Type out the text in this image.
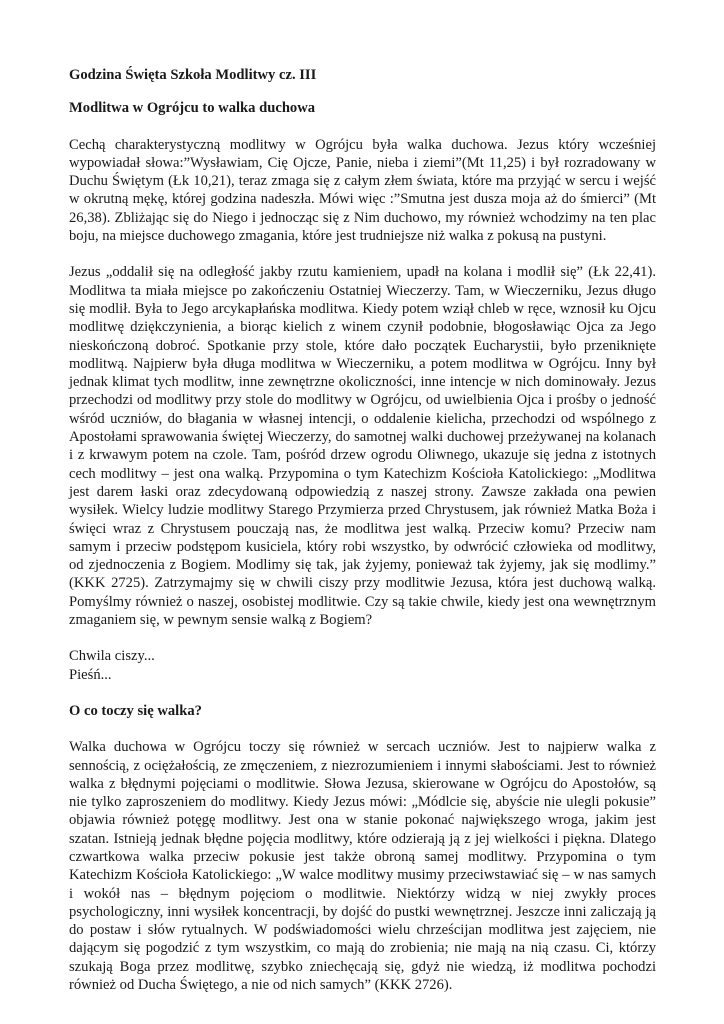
Godzina Święta Szkoła Modlitwy cz. III
Modlitwa w Ogrójcu to walka duchowa
Cechą charakterystyczną modlitwy w Ogrójcu była walka duchowa. Jezus który wcześniej wypowiadał słowa:”Wysławiam, Cię Ojcze, Panie, nieba i ziemi”(Mt 11,25) i był rozradowany w Duchu Świętym (Łk 10,21), teraz zmaga się z całym złem świata, które ma przyjąć w sercu i wejść w okrutną mękę, której godzina nadeszła. Mówi więc :”Smutna jest dusza moja aż do śmierci” (Mt 26,38). Zbliżając się do Niego i jednocząc się z Nim duchowo, my również wchodzimy na ten plac boju, na miejsce duchowego zmagania, które jest trudniejsze niż walka z pokusą na pustyni.
Jezus „oddalił się na odległość jakby rzutu kamieniem, upadł na kolana i modlił się” (Łk 22,41). Modlitwa ta miała miejsce po zakończeniu Ostatniej Wieczerzy. Tam, w Wieczerniku, Jezus długo się modlił. Była to Jego arcykapłańska modlitwa. Kiedy potem wziął chleb w ręce, wznosił ku Ojcu modlitwę dziękczynienia, a biorąc kielich z winem czynił podobnie, błogosławiąc Ojca za Jego nieskończoną dobroć. Spotkanie przy stole, które dało początek Eucharystii, było przeniknięte modlitwą. Najpierw była długa modlitwa w Wieczerniku, a potem modlitwa w Ogrójcu. Inny był jednak klimat tych modlitw, inne zewnętrzne okoliczności, inne intencje w nich dominowały. Jezus przechodzi od modlitwy przy stole do modlitwy w Ogrójcu, od uwielbienia Ojca i prośby o jedność wśród uczniów, do błagania w własnej intencji, o oddalenie kielicha, przechodzi od wspólnego z Apostołami sprawowania świętej Wieczerzy, do samotnej walki duchowej przeżywanej na kolanach i z krwawym potem na czole. Tam, pośród drzew ogrodu Oliwnego, ukazuje się jedna z istotnych cech modlitwy – jest ona walką. Przypomina o tym Katechizm Kościoła Katolickiego: „Modlitwa jest darem łaski oraz zdecydowaną odpowiedzią z naszej strony. Zawsze zakłada ona pewien wysiłek. Wielcy ludzie modlitwy Starego Przymierza przed Chrystusem, jak również Matka Boża i święci wraz z Chrystusem pouczają nas, że modlitwa jest walką. Przeciw komu? Przeciw nam samym i przeciw podstępom kusiciela, który robi wszystko, by odwrócić człowieka od modlitwy, od zjednoczenia z Bogiem. Modlimy się tak, jak żyjemy, ponieważ tak żyjemy, jak się modlimy.” (KKK 2725). Zatrzymajmy się w chwili ciszy przy modlitwie Jezusa, która jest duchową walką. Pomyślmy również o naszej, osobistej modlitwie. Czy są takie chwile, kiedy jest ona wewnętrznym zmaganiem się, w pewnym sensie walką z Bogiem?
Chwila ciszy...
Pieśń...
O co toczy się walka?
Walka duchowa w Ogrójcu toczy się również w sercach uczniów. Jest to najpierw walka z sennością, z ociężałością, ze zmęczeniem, z niezrozumieniem i innymi słabościami. Jest to również walka z błędnymi pojęciami o modlitwie. Słowa Jezusa, skierowane w Ogrójcu do Apostołów, są nie tylko zaproszeniem do modlitwy. Kiedy Jezus mówi: „Módlcie się, abyście nie ulegli pokusie” objawia również potęgę modlitwy. Jest ona w stanie pokonać największego wroga, jakim jest szatan. Istnieją jednak błędne pojęcia modlitwy, które odzierają ją z jej wielkości i piękna. Dlatego czwartkowa walka przeciw pokusie jest także obroną samej modlitwy. Przypomina o tym Katechizm Kościoła Katolickiego: „W walce modlitwy musimy przeciwstawiać się – w nas samych i wokół nas – błędnym pojęciom o modlitwie. Niektórzy widzą w niej zwykły proces psychologiczny, inni wysiłek koncentracji, by dojść do pustki wewnętrznej. Jeszcze inni zaliczają ją do postaw i słów rytualnych. W podświadomości wielu chrześcijan modlitwa jest zajęciem, nie dającym się pogodzić z tym wszystkim, co mają do zrobienia; nie mają na nią czasu. Ci, którzy szukają Boga przez modlitwę, szybko zniechęcają się, gdyż nie wiedzą, iż modlitwa pochodzi również od Ducha Świętego, a nie od nich samych” (KKK 2726).
